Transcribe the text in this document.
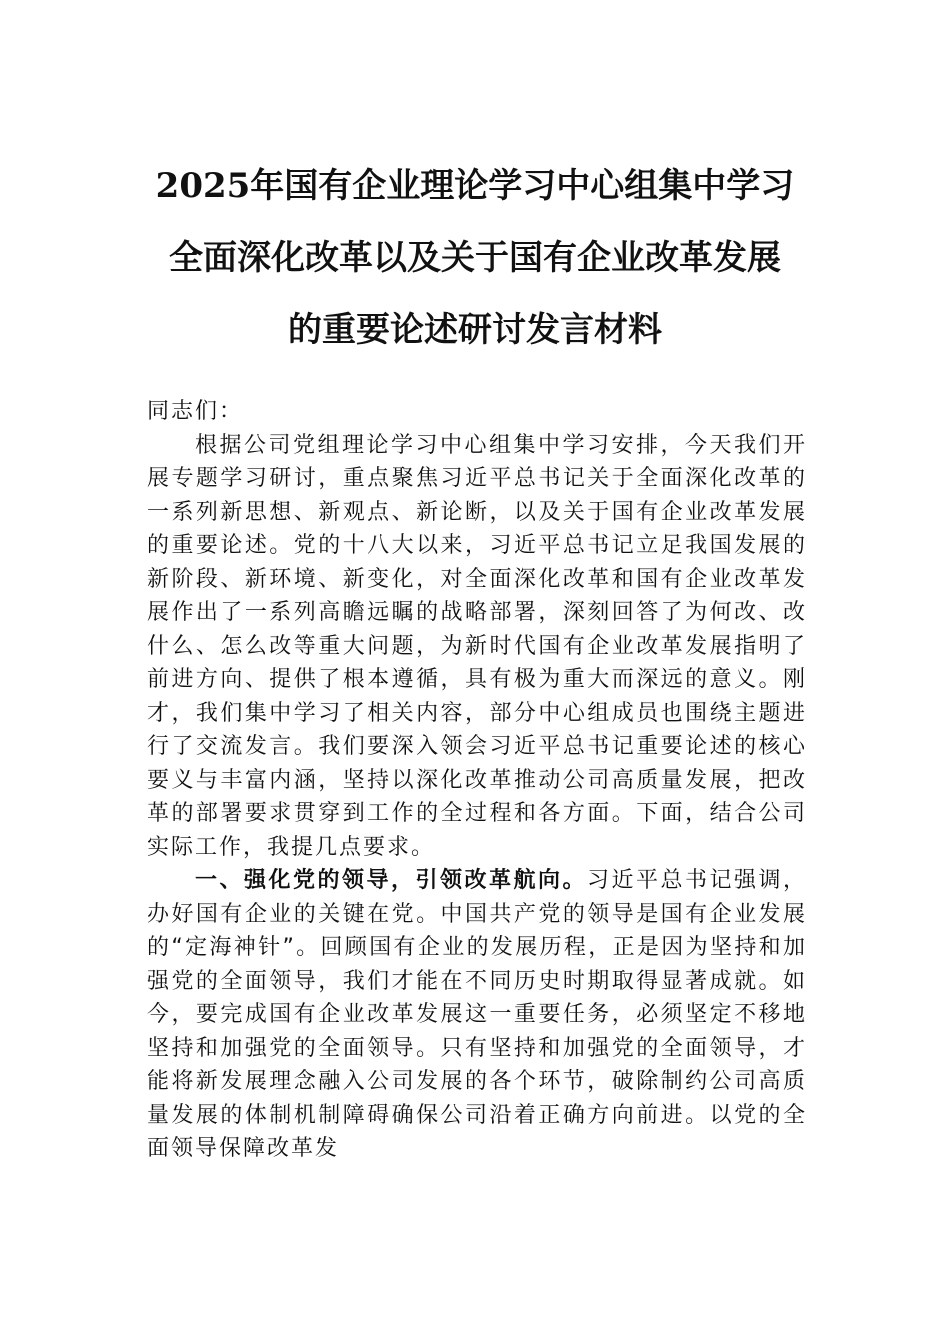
2025年国有企业理论学习中心组集中学习
全面深化改革以及关于国有企业改革发展
的重要论述研讨发言材料

同志们：

根据公司党组理论学习中心组集中学习安排，今天我们开展专题学习研讨，重点聚焦习近平总书记关于全面深化改革的一系列新思想、新观点、新论断，以及关于国有企业改革发展的重要论述。党的十八大以来，习近平总书记立足我国发展的新阶段、新环境、新变化，对全面深化改革和国有企业改革发展作出了一系列高瞻远瞩的战略部署，深刻回答了为何改、改什么、怎么改等重大问题，为新时代国有企业改革发展指明了前进方向、提供了根本遵循，具有极为重大而深远的意义。刚才，我们集中学习了相关内容，部分中心组成员也围绕主题进行了交流发言。我们要深入领会习近平总书记重要论述的核心要义与丰富内涵，坚持以深化改革推动公司高质量发展，把改革的部署要求贯穿到工作的全过程和各方面。下面，结合公司实际工作，我提几点要求。

一、强化党的领导，引领改革航向。习近平总书记强调，办好国有企业的关键在党。中国共产党的领导是国有企业发展的“定海神针”。回顾国有企业的发展历程，正是因为坚持和加强党的全面领导，我们才能在不同历史时期取得显著成就。如今，要完成国有企业改革发展这一重要任务，必须坚定不移地坚持和加强党的全面领导。只有坚持和加强党的全面领导，才能将新发展理念融入公司发展的各个环节，破除制约公司高质量发展的体制机制障碍确保公司沿着正确方向前进。以党的全面领导保障改革发
